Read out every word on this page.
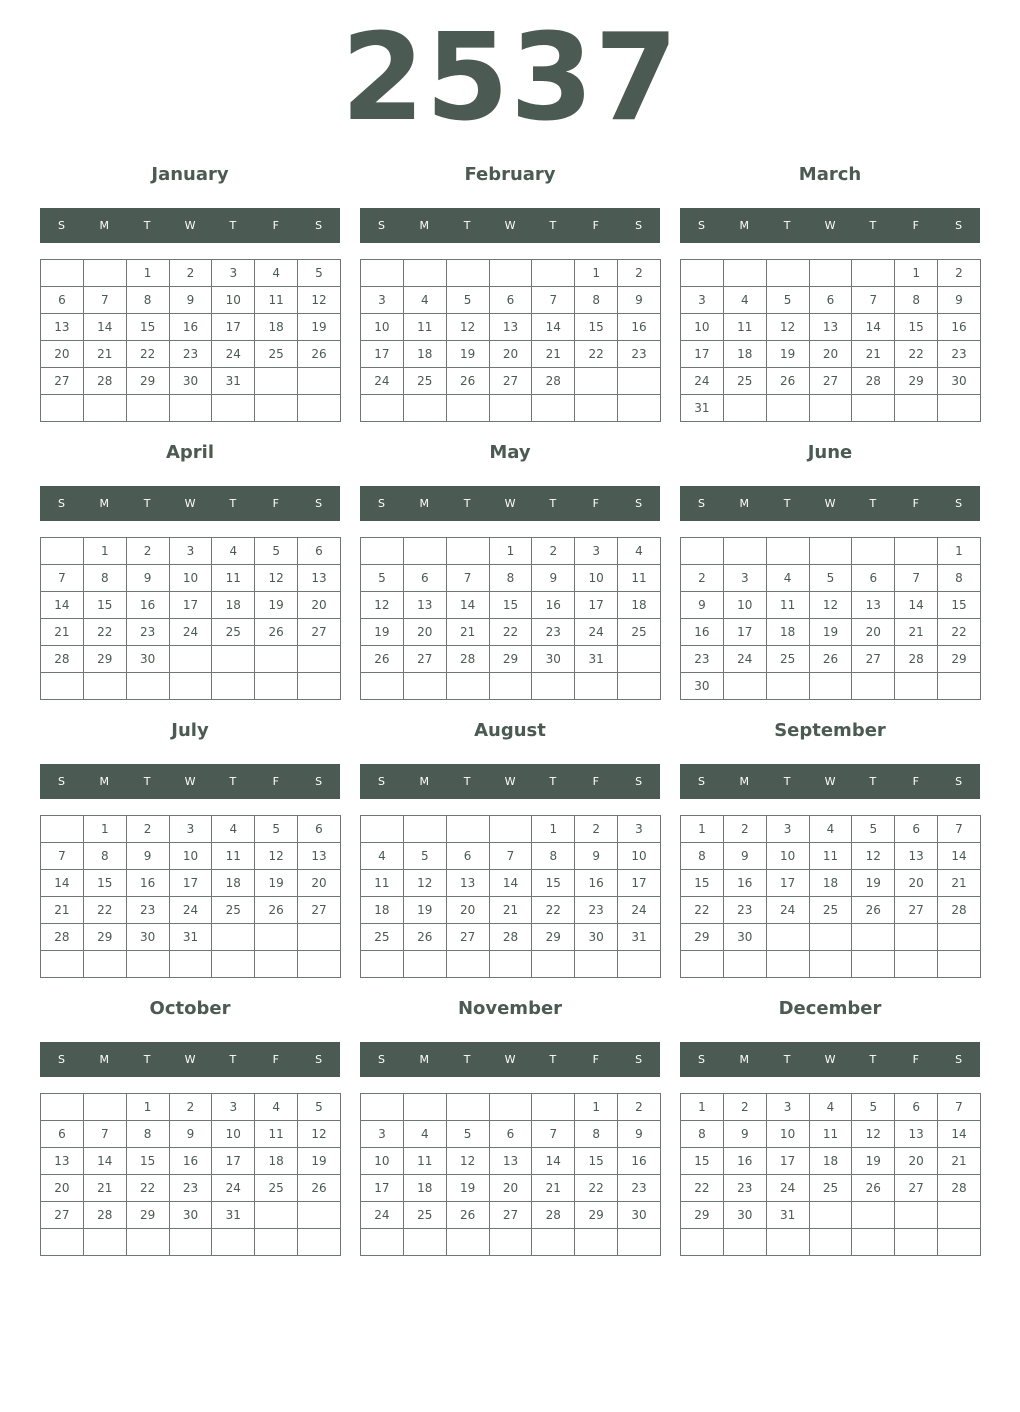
2537
January
S	M	T	W	T	F	S
		1	2	3	4	5
6	7	8	9	10	11	12
13	14	15	16	17	18	19
20	21	22	23	24	25	26
27	28	29	30	31		

February
S	M	T	W	T	F	S
					1	2
3	4	5	6	7	8	9
10	11	12	13	14	15	16
17	18	19	20	21	22	23
24	25	26	27	28		

March
S	M	T	W	T	F	S
					1	2
3	4	5	6	7	8	9
10	11	12	13	14	15	16
17	18	19	20	21	22	23
24	25	26	27	28	29	30
31						
April
S	M	T	W	T	F	S
	1	2	3	4	5	6
7	8	9	10	11	12	13
14	15	16	17	18	19	20
21	22	23	24	25	26	27
28	29	30				

May
S	M	T	W	T	F	S
			1	2	3	4
5	6	7	8	9	10	11
12	13	14	15	16	17	18
19	20	21	22	23	24	25
26	27	28	29	30	31	

June
S	M	T	W	T	F	S
						1
2	3	4	5	6	7	8
9	10	11	12	13	14	15
16	17	18	19	20	21	22
23	24	25	26	27	28	29
30						
July
S	M	T	W	T	F	S
	1	2	3	4	5	6
7	8	9	10	11	12	13
14	15	16	17	18	19	20
21	22	23	24	25	26	27
28	29	30	31			

August
S	M	T	W	T	F	S
				1	2	3
4	5	6	7	8	9	10
11	12	13	14	15	16	17
18	19	20	21	22	23	24
25	26	27	28	29	30	31

September
S	M	T	W	T	F	S
1	2	3	4	5	6	7
8	9	10	11	12	13	14
15	16	17	18	19	20	21
22	23	24	25	26	27	28
29	30					

October
S	M	T	W	T	F	S
		1	2	3	4	5
6	7	8	9	10	11	12
13	14	15	16	17	18	19
20	21	22	23	24	25	26
27	28	29	30	31		

November
S	M	T	W	T	F	S
					1	2
3	4	5	6	7	8	9
10	11	12	13	14	15	16
17	18	19	20	21	22	23
24	25	26	27	28	29	30

December
S	M	T	W	T	F	S
1	2	3	4	5	6	7
8	9	10	11	12	13	14
15	16	17	18	19	20	21
22	23	24	25	26	27	28
29	30	31				
